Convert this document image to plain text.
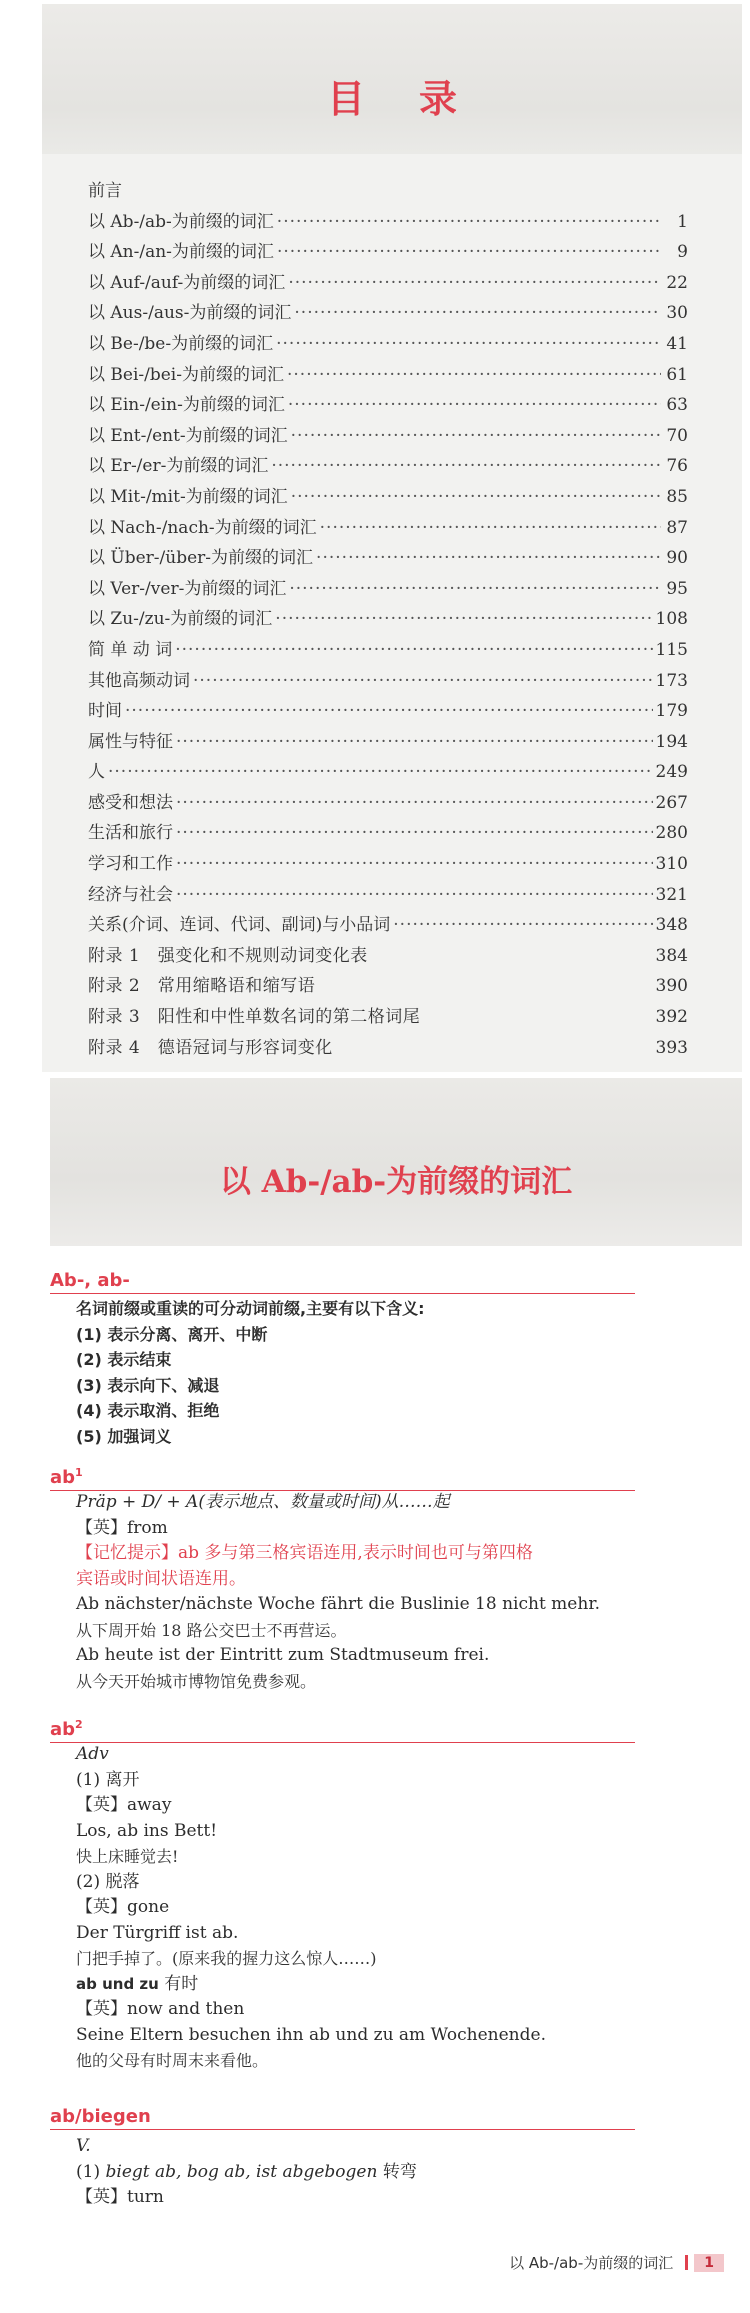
目录
前言
以 Ab-/ab-为前缀的词汇 ·····	1
以 An-/an-为前缀的词汇 ·····	9
以 Auf-/auf-为前缀的词汇 ·····	22
以 Aus-/aus-为前缀的词汇 ·····	30
以 Be-/be-为前缀的词汇 ·····	41
以 Bei-/bei-为前缀的词汇 ·····	61
以 Ein-/ein-为前缀的词汇 ·····	63
以 Ent-/ent-为前缀的词汇 ·····	70
以 Er-/er-为前缀的词汇 ·····	76
以 Mit-/mit-为前缀的词汇 ·····	85
以 Nach-/nach-为前缀的词汇 ·····	87
以 Über-/über-为前缀的词汇 ·····	90
以 Ver-/ver-为前缀的词汇 ·····	95
以 Zu-/zu-为前缀的词汇 ·····	108
简 单 动 词 ·····	115
其他高频动词 ·····	173
时间 ·····	179
属性与特征 ·····	194
人 ·····	249
感受和想法 ·····	267
生活和旅行 ·····	280
学习和工作 ·····	310
经济与社会 ·····	321
关系(介词、连词、代词、副词)与小品词 ·····	348
附录 1　强变化和不规则动词变化表	384
附录 2　常用缩略语和缩写语	390
附录 3　阳性和中性单数名词的第二格词尾	392
附录 4　德语冠词与形容词变化	393
以 Ab-/ab-为前缀的词汇
Ab-, ab-
名词前缀或重读的可分动词前缀,主要有以下含义:
(1) 表示分离、离开、中断
(2) 表示结束
(3) 表示向下、减退
(4) 表示取消、拒绝
(5) 加强词义
$ab^1$
Präp + D/ + A(表示地点、数量或时间)从……起
【英】from
【记忆提示】ab 多与第三格宾语连用,表示时间也可与第四格
宾语或时间状语连用。
Ab nächster/nächste Woche fährt die Buslinie 18 nicht mehr.
从下周开始 18 路公交巴士不再营运。
Ab heute ist der Eintritt zum Stadtmuseum frei.
从今天开始城市博物馆免费参观。
$ab^2$
Adv
(1) 离开
【英】away
Los, ab ins Bett!
快上床睡觉去!
(2) 脱落
【英】gone
Der Türgriff ist ab.
门把手掉了。(原来我的握力这么惊人……)
ab und zu 有时
【英】now and then
Seine Eltern besuchen ihn ab und zu am Wochenende.
他的父母有时周末来看他。
ab/biegen
V.
(1) biegt ab, bog ab, ist abgebogen 转弯
【英】turn
以 Ab-/ab-为前缀的词汇	1
